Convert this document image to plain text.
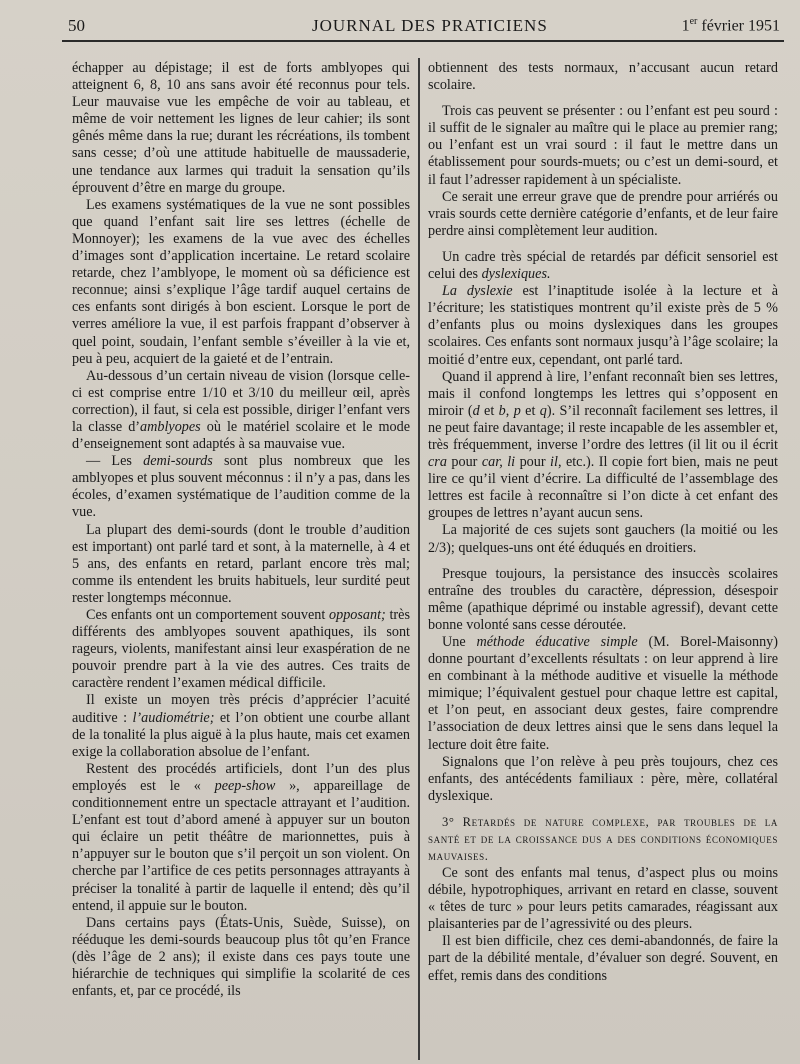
50	JOURNAL DES PRATICIENS	1er février 1951

échapper au dépistage; il est de forts amblyopes qui atteignent 6, 8, 10 ans sans avoir été reconnus pour tels. Leur mauvaise vue les empêche de voir au tableau, et même de voir nettement les lignes de leur cahier; ils sont gênés même dans la rue; durant les récréations, ils tombent sans cesse; d’où une attitude habituelle de maussaderie, une tendance aux larmes qui traduit la sensation qu’ils éprouvent d’être en marge du groupe.

Les examens systématiques de la vue ne sont possibles que quand l’enfant sait lire ses lettres (échelle de Monnoyer); les examens de la vue avec des échelles d’images sont d’application incertaine. Le retard scolaire retarde, chez l’amblyope, le moment où sa déficience est reconnue; ainsi s’explique l’âge tardif auquel certains de ces enfants sont dirigés à bon escient. Lorsque le port de verres améliore la vue, il est parfois frappant d’observer à quel point, soudain, l’enfant semble s’éveiller à la vie et, peu à peu, acquiert de la gaieté et de l’entrain.

Au-dessous d’un certain niveau de vision (lorsque celle-ci est comprise entre 1/10 et 3/10 du meilleur œil, après correction), il faut, si cela est possible, diriger l’enfant vers la classe d’amblyopes où le matériel scolaire et le mode d’enseignement sont adaptés à sa mauvaise vue.

— Les demi-sourds sont plus nombreux que les amblyopes et plus souvent méconnus : il n’y a pas, dans les écoles, d’examen systématique de l’audition comme de la vue.

La plupart des demi-sourds (dont le trouble d’audition est important) ont parlé tard et sont, à la maternelle, à 4 et 5 ans, des enfants en retard, parlant encore très mal; comme ils entendent les bruits habituels, leur surdité peut rester longtemps méconnue.

Ces enfants ont un comportement souvent opposant; très différents des amblyopes souvent apathiques, ils sont rageurs, violents, manifestant ainsi leur exaspération de ne pouvoir prendre part à la vie des autres. Ces traits de caractère rendent l’examen médical difficile.

Il existe un moyen très précis d’apprécier l’acuité auditive : l’audiométrie; et l’on obtient une courbe allant de la tonalité la plus aiguë à la plus haute, mais cet examen exige la collaboration absolue de l’enfant.

Restent des procédés artificiels, dont l’un des plus employés est le « peep-show », appareillage de conditionnement entre un spectacle attrayant et l’audition. L’enfant est tout d’abord amené à appuyer sur un bouton qui éclaire un petit théâtre de marionnettes, puis à n’appuyer sur le bouton que s’il perçoit un son violent. On cherche par l’artifice de ces petits personnages attrayants à préciser la tonalité à partir de laquelle il entend; dès qu’il entend, il appuie sur le bouton.

Dans certains pays (États-Unis, Suède, Suisse), on rééduque les demi-sourds beaucoup plus tôt qu’en France (dès l’âge de 2 ans); il existe dans ces pays toute une hiérarchie de techniques qui simplifie la scolarité de ces enfants, et, par ce procédé, ils

obtiennent des tests normaux, n’accusant aucun retard scolaire.

Trois cas peuvent se présenter : ou l’enfant est peu sourd : il suffit de le signaler au maître qui le place au premier rang; ou l’enfant est un vrai sourd : il faut le mettre dans un établissement pour sourds-muets; ou c’est un demi-sourd, et il faut l’adresser rapidement à un spécialiste.

Ce serait une erreur grave que de prendre pour arriérés ou vrais sourds cette dernière catégorie d’enfants, et de leur faire perdre ainsi complètement leur audition.

Un cadre très spécial de retardés par déficit sensoriel est celui des dyslexiques.

La dyslexie est l’inaptitude isolée à la lecture et à l’écriture; les statistiques montrent qu’il existe près de 5 % d’enfants plus ou moins dyslexiques dans les groupes scolaires. Ces enfants sont normaux jusqu’à l’âge scolaire; la moitié d’entre eux, cependant, ont parlé tard.

Quand il apprend à lire, l’enfant reconnaît bien ses lettres, mais il confond longtemps les lettres qui s’opposent en miroir (d et b, p et q). S’il reconnaît facilement ses lettres, il ne peut faire davantage; il reste incapable de les assembler et, très fréquemment, inverse l’ordre des lettres (il lit ou il écrit cra pour car, li pour il, etc.). Il copie fort bien, mais ne peut lire ce qu’il vient d’écrire. La difficulté de l’assemblage des lettres est facile à reconnaître si l’on dicte à cet enfant des groupes de lettres n’ayant aucun sens.

La majorité de ces sujets sont gauchers (la moitié ou les 2/3); quelques-uns ont été éduqués en droitiers.

Presque toujours, la persistance des insuccès scolaires entraîne des troubles du caractère, dépression, désespoir même (apathique déprimé ou instable agressif), devant cette bonne volonté sans cesse déroutée.

Une méthode éducative simple (M. Borel-Maisonny) donne pourtant d’excellents résultats : on leur apprend à lire en combinant à la méthode auditive et visuelle la méthode mimique; l’équivalent gestuel pour chaque lettre est capital, et l’on peut, en associant deux gestes, faire comprendre l’association de deux lettres ainsi que le sens dans lequel la lecture doit être faite.

Signalons que l’on relève à peu près toujours, chez ces enfants, des antécédents familiaux : père, mère, collatéral dyslexique.

3° Retardés de nature complexe, par troubles de la santé et de la croissance dus a des conditions économiques mauvaises.

Ce sont des enfants mal tenus, d’aspect plus ou moins débile, hypotrophiques, arrivant en retard en classe, souvent « têtes de turc » pour leurs petits camarades, réagissant aux plaisanteries par de l’agressivité ou des pleurs.

Il est bien difficile, chez ces demi-abandonnés, de faire la part de la débilité mentale, d’évaluer son degré. Souvent, en effet, remis dans des conditions
